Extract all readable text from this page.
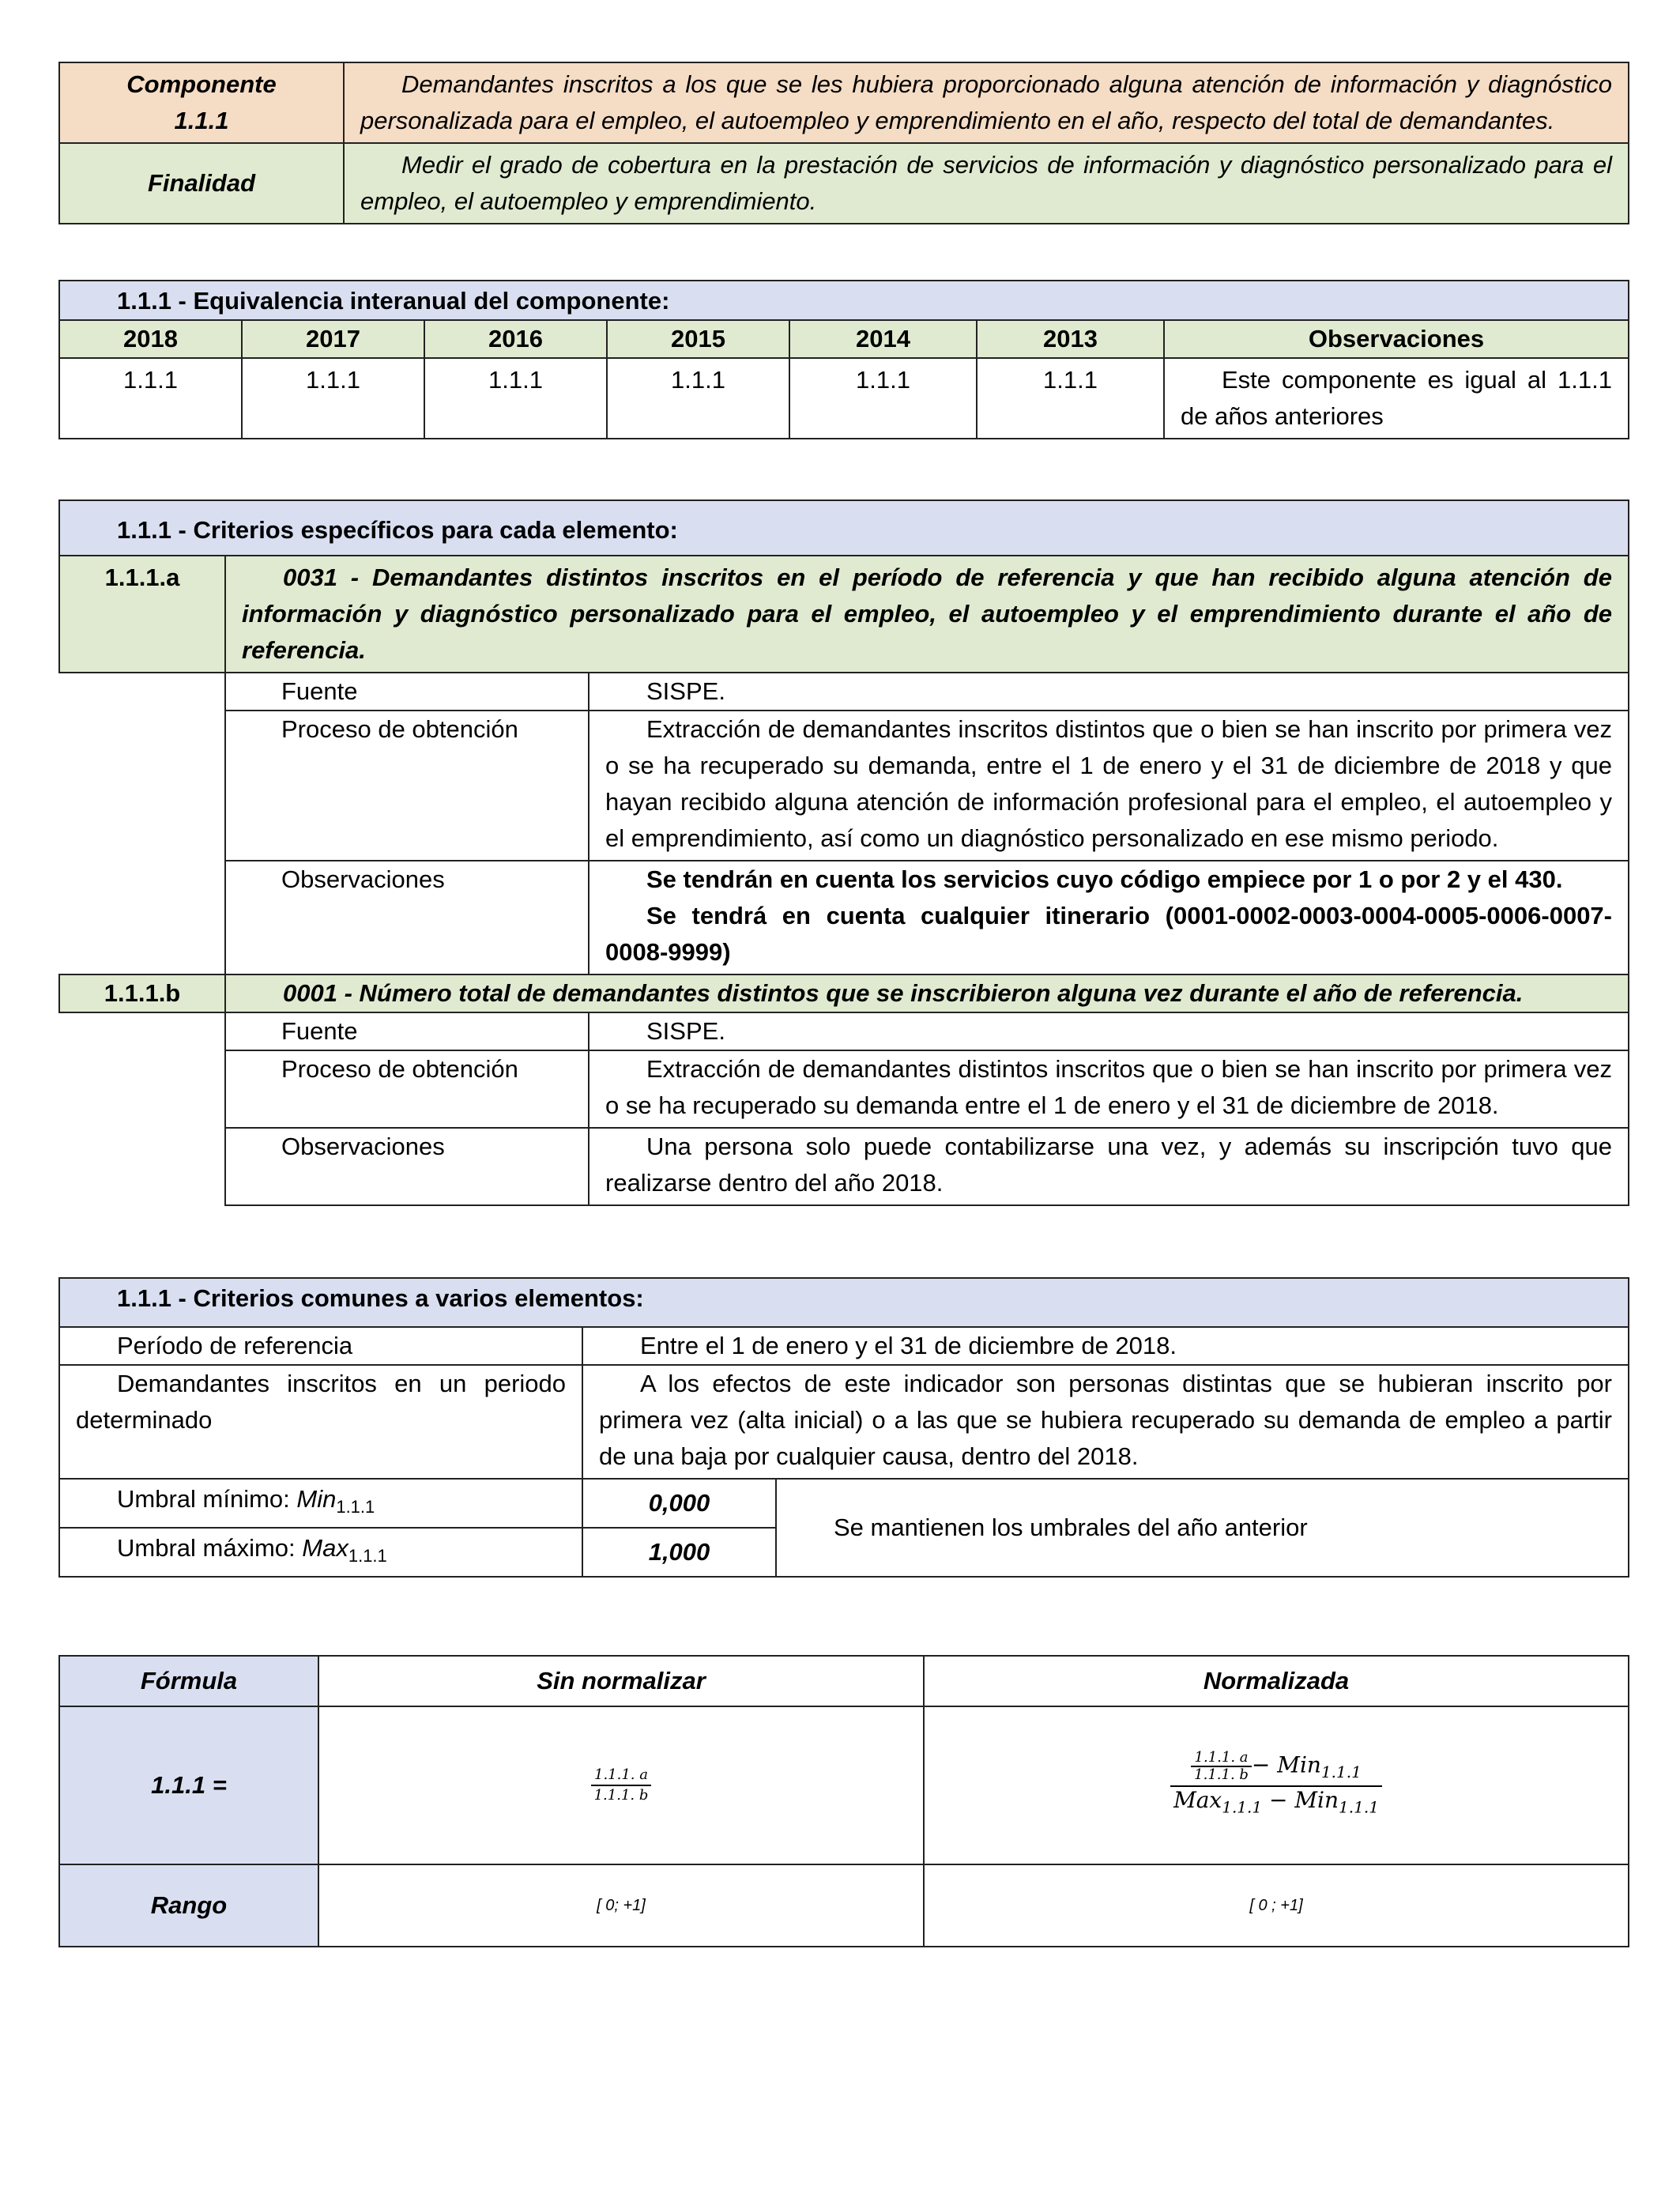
Componente
1.1.1	Demandantes inscritos a los que se les hubiera proporcionado alguna atención de información y diagnóstico personalizada para el empleo, el autoempleo y emprendimiento en el año, respecto del total de demandantes.
Finalidad	Medir el grado de cobertura en la prestación de servicios de información y diagnóstico personalizado para el empleo, el autoempleo y emprendimiento.
1.1.1 - Equivalencia interanual del componente:						
2018	2017	2016	2015	2014	2013	Observaciones
1.1.1	1.1.1	1.1.1	1.1.1	1.1.1	1.1.1	Este componente es igual al 1.1.1 de años anteriores
1.1.1 - Criterios específicos para cada elemento:		
1.1.1.a	0031 - Demandantes distintos inscritos en el período de referencia y que han recibido alguna atención de información y diagnóstico personalizado para el empleo, el autoempleo y el emprendimiento durante el año de referencia.	
	Fuente	SISPE.
	Proceso de obtención	Extracción de demandantes inscritos distintos que o bien se han inscrito por primera vez o se ha recuperado su demanda, entre el 1 de enero y el 31 de diciembre de 2018 y que hayan recibido alguna atención de información profesional para el empleo, el autoempleo y el emprendimiento, así como un diagnóstico personalizado en ese mismo periodo.
	Observaciones	Se tendrán en cuenta los servicios cuyo código empiece por 1 o por 2 y el 430.
Se tendrá en cuenta cualquier itinerario (0001-0002-0003-0004-0005-0006-0007-0008-9999)

1.1.1.b	0001 - Número total de demandantes distintos que se inscribieron alguna vez durante el año de referencia.	
	Fuente	SISPE.
	Proceso de obtención	Extracción de demandantes distintos inscritos que o bien se han inscrito por primera vez o se ha recuperado su demanda entre el 1 de enero y el 31 de diciembre de 2018.
	Observaciones	Una persona solo puede contabilizarse una vez, y además su inscripción tuvo que realizarse dentro del año 2018.
1.1.1 - Criterios comunes a varios elementos:		
Período de referencia	Entre el 1 de enero y el 31 de diciembre de 2018.	
Demandantes inscritos en un periodo determinado	A los efectos de este indicador son personas distintas que se hubieran inscrito por primera vez (alta inicial) o a las que se hubiera recuperado su demanda de empleo a partir de una baja por cualquier causa, dentro del 2018.	
Umbral mínimo: Min$_{1.1.1}$	0,000	Se mantienen los umbrales del año anterior
Umbral máximo: Max$_{1.1.1}$	1,000	
Fórmula	Sin normalizar	Normalizada
1.1.1 =	$\frac{1.1.1. a}{1.1.1. b}$	$\frac{\frac{1.1.1. a}{1.1.1. b} - Min_{1.1.1}}{Max_{1.1.1} - Min_{1.1.1}}$

Rango	[ 0; +1]	[ 0 ; +1]
